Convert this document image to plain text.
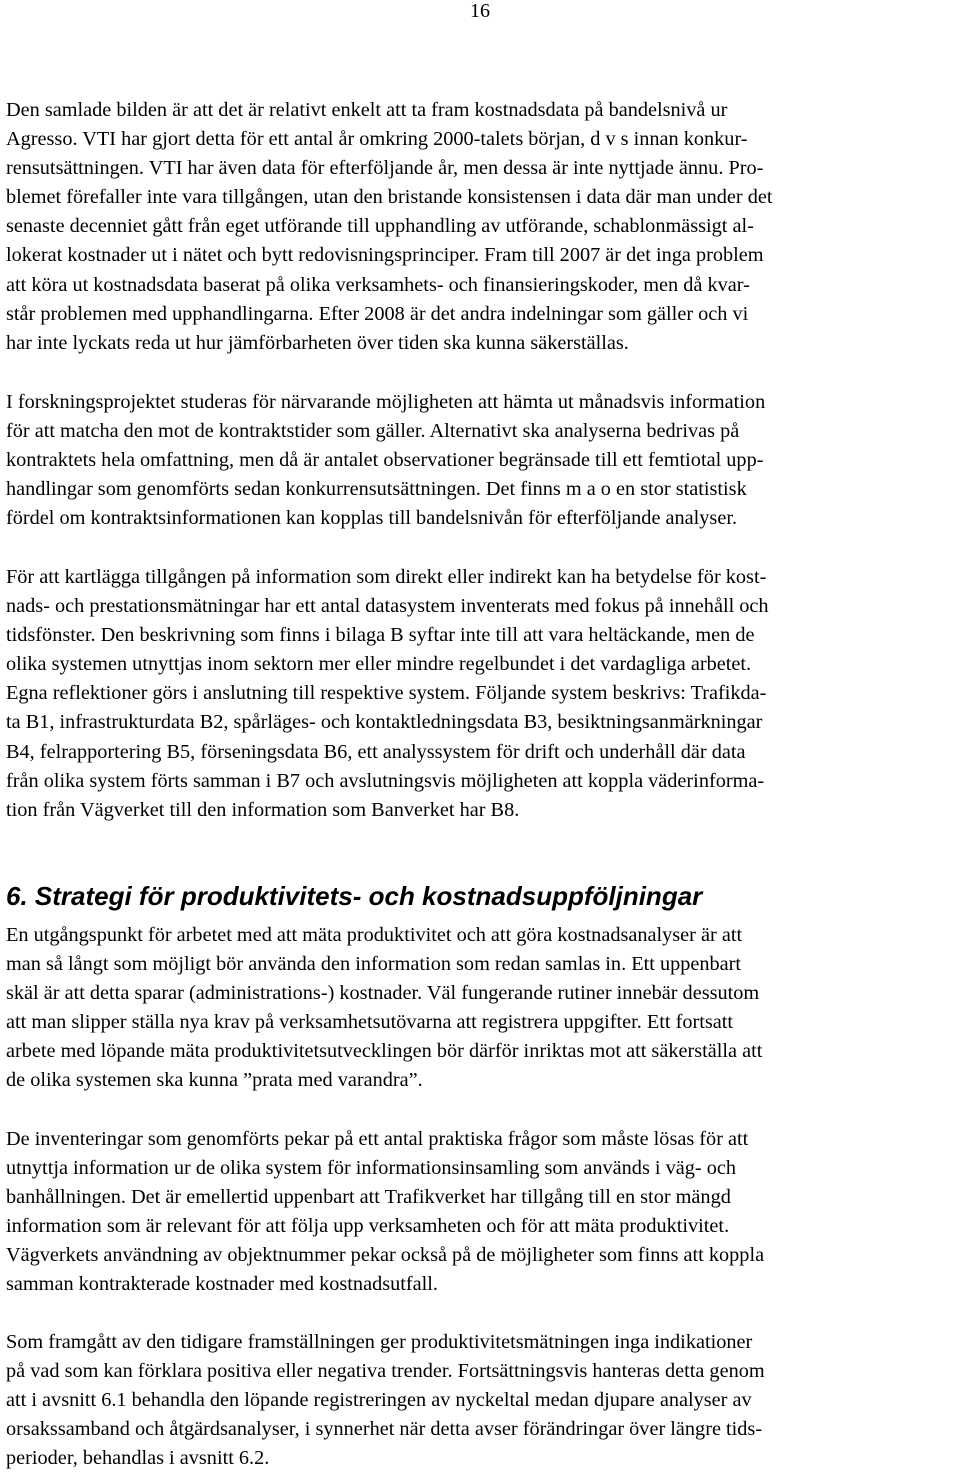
16

Den samlade bilden är att det är relativt enkelt att ta fram kostnadsdata på bandelsnivå ur
Agresso. VTI har gjort detta för ett antal år omkring 2000-talets början, d v s innan konkur-
rensutsättningen. VTI har även data för efterföljande år, men dessa är inte nyttjade ännu. Pro-
blemet förefaller inte vara tillgången, utan den bristande konsistensen i data där man under det
senaste decenniet gått från eget utförande till upphandling av utförande, schablonmässigt al-
lokerat kostnader ut i nätet och bytt redovisningsprinciper. Fram till 2007 är det inga problem
att köra ut kostnadsdata baserat på olika verksamhets- och finansieringskoder, men då kvar-
står problemen med upphandlingarna. Efter 2008 är det andra indelningar som gäller och vi
har inte lyckats reda ut hur jämförbarheten över tiden ska kunna säkerställas.

I forskningsprojektet studeras för närvarande möjligheten att hämta ut månadsvis information
för att matcha den mot de kontraktstider som gäller. Alternativt ska analyserna bedrivas på
kontraktets hela omfattning, men då är antalet observationer begränsade till ett femtiotal upp-
handlingar som genomförts sedan konkurrensutsättningen. Det finns m a o en stor statistisk
fördel om kontraktsinformationen kan kopplas till bandelsnivån för efterföljande analyser.

För att kartlägga tillgången på information som direkt eller indirekt kan ha betydelse för kost-
nads- och prestationsmätningar har ett antal datasystem inventerats med fokus på innehåll och
tidsfönster. Den beskrivning som finns i bilaga B syftar inte till att vara heltäckande, men de
olika systemen utnyttjas inom sektorn mer eller mindre regelbundet i det vardagliga arbetet.
Egna reflektioner görs i anslutning till respektive system. Följande system beskrivs: Trafikda-
ta B1, infrastrukturdata B2, spårläges- och kontaktledningsdata B3, besiktningsanmärkningar
B4, felrapportering B5, förseningsdata B6, ett analyssystem för drift och underhåll där data
från olika system förts samman i B7 och avslutningsvis möjligheten att koppla väderinforma-
tion från Vägverket till den information som Banverket har B8.

6. Strategi för produktivitets- och kostnadsuppföljningar

En utgångspunkt för arbetet med att mäta produktivitet och att göra kostnadsanalyser är att
man så långt som möjligt bör använda den information som redan samlas in. Ett uppenbart
skäl är att detta sparar (administrations-) kostnader. Väl fungerande rutiner innebär dessutom
att man slipper ställa nya krav på verksamhetsutövarna att registrera uppgifter. Ett fortsatt
arbete med löpande mäta produktivitetsutvecklingen bör därför inriktas mot att säkerställa att
de olika systemen ska kunna ”prata med varandra”.

De inventeringar som genomförts pekar på ett antal praktiska frågor som måste lösas för att
utnyttja information ur de olika system för informationsinsamling som används i väg- och
banhållningen. Det är emellertid uppenbart att Trafikverket har tillgång till en stor mängd
information som är relevant för att följa upp verksamheten och för att mäta produktivitet.
Vägverkets användning av objektnummer pekar också på de möjligheter som finns att koppla
samman kontrakterade kostnader med kostnadsutfall.

Som framgått av den tidigare framställningen ger produktivitetsmätningen inga indikationer
på vad som kan förklara positiva eller negativa trender. Fortsättningsvis hanteras detta genom
att i avsnitt 6.1 behandla den löpande registreringen av nyckeltal medan djupare analyser av
orsakssamband och åtgärdsanalyser, i synnerhet när detta avser förändringar över längre tids-
perioder, behandlas i avsnitt 6.2.
